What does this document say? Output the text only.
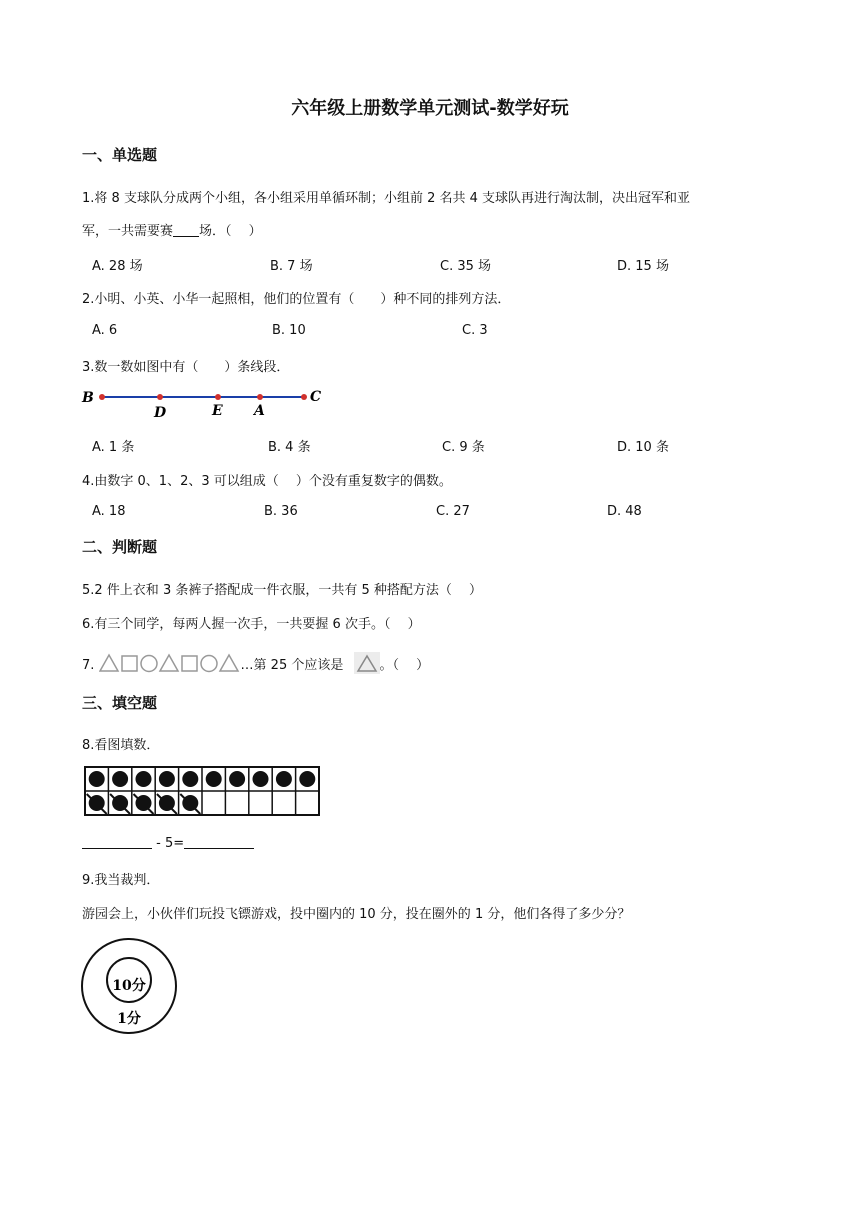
六年级上册数学单元测试-数学好玩
一、单选题
1.将 8 支球队分成两个小组，各小组采用单循环制；小组前 2 名共 4 支球队再进行淘汰制，决出冠军和亚
军，一共需要赛 场．（　 ）
A. 28 场	B. 7 场	C. 35 场	D. 15 场
2.小明、小英、小华一起照相，他们的位置有（　　）种不同的排列方法．
A. 6	B. 10	C. 3
3.数一数如图中有（　　）条线段．
B
D	E A
C
A. 1 条	B. 4 条	C. 9 条	D. 10 条
4.由数字 0、1、2、3 可以组成（　 ）个没有重复数字的偶数。
A. 18	B. 36	C. 27	D. 48
二、判断题
5.2 件上衣和 3 条裤子搭配成一件衣服，一共有 5 种搭配方法（　 ）
6.有三个同学，每两人握一次手，一共要握 6 次手。（　 ）
7.	…第 25 个应该是	。（　 ）
三、填空题
8.看图填数．
- 5=
9.我当裁判．
游园会上，小伙伴们玩投飞镖游戏，投中圈内的 10 分，投在圈外的 1 分，他们各得了多少分？
10分
1分
